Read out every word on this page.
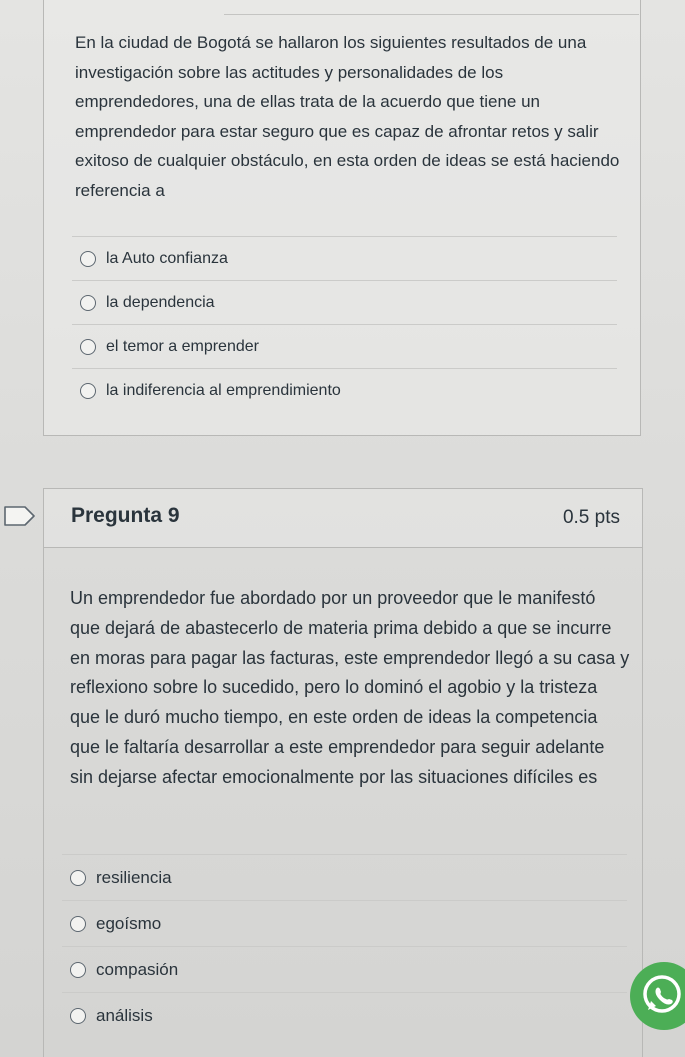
En la ciudad de Bogotá se hallaron los siguientes resultados de una investigación sobre las actitudes y personalidades de los emprendedores, una de ellas trata de la acuerdo que tiene un emprendedor para estar seguro que es capaz de afrontar retos y salir exitoso de cualquier obstáculo, en esta orden de ideas se está haciendo referencia a
la Auto confianza
la dependencia
el temor a emprender
la indiferencia al emprendimiento
Pregunta 9	0.5 pts
Un emprendedor fue abordado por un proveedor que le manifestó que dejará de abastecerlo de materia prima debido a que se incurre en moras para pagar las facturas, este emprendedor llegó a su casa y reflexiono sobre lo sucedido, pero lo dominó el agobio y la tristeza que le duró mucho tiempo, en este orden de ideas la competencia que le faltaría desarrollar a este emprendedor para seguir adelante sin dejarse afectar emocionalmente por las situaciones difíciles es
resiliencia
egoísmo
compasión
análisis
